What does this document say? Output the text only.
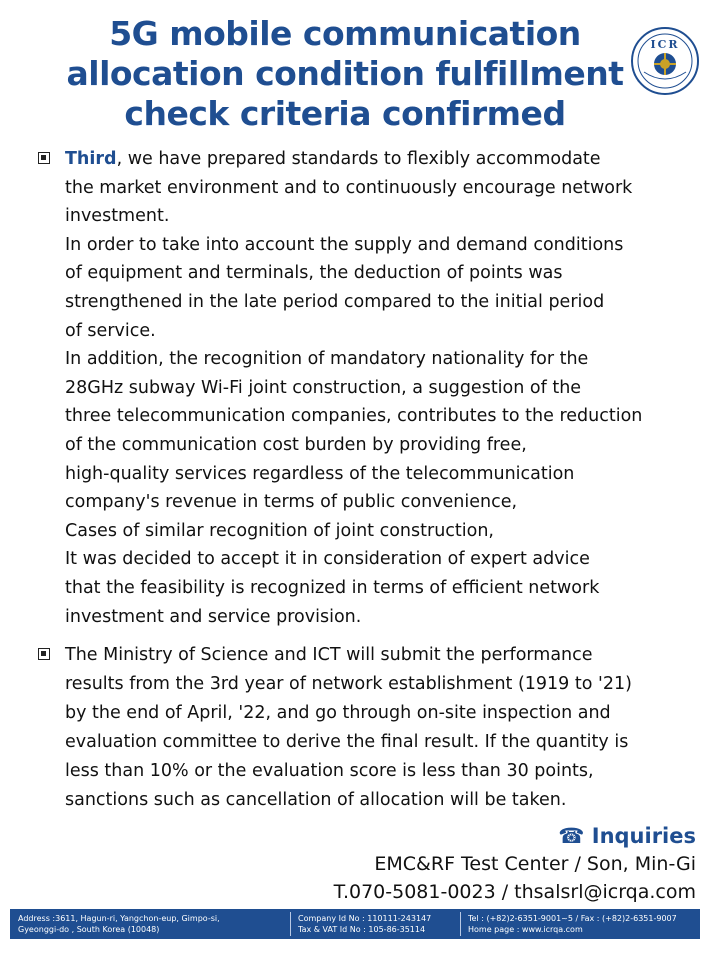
5G mobile communication
allocation condition fulfillment
check criteria confirmed
ICR
Third, we have prepared standards to flexibly accommodate
the market environment and to continuously encourage network
investment.
In order to take into account the supply and demand conditions
of equipment and terminals, the deduction of points was
strengthened in the late period compared to the initial period
of service.
In addition, the recognition of mandatory nationality for the
28GHz subway Wi-Fi joint construction, a suggestion of the
three telecommunication companies, contributes to the reduction
of the communication cost burden by providing free,
high-quality services regardless of the telecommunication
company's revenue in terms of public convenience,
Cases of similar recognition of joint construction,
It was decided to accept it in consideration of expert advice
that the feasibility is recognized in terms of efficient network
investment and service provision.
The Ministry of Science and ICT will submit the performance
results from the 3rd year of network establishment (1919 to '21)
by the end of April, '22, and go through on-site inspection and
evaluation committee to derive the final result. If the quantity is
less than 10% or the evaluation score is less than 30 points,
sanctions such as cancellation of allocation will be taken.
☎ Inquiries
EMC&RF Test Center / Son, Min-Gi
T.070-5081-0023 / thsalsrl@icrqa.com
Address :3611, Hagun-ri, Yangchon-eup, Gimpo-si,
Gyeonggi-do , South Korea (10048)
Company Id No : 110111-243147
Tax & VAT Id No : 105-86-35114
Tel : (+82)2-6351-9001~5 / Fax : (+82)2-6351-9007
Home page : www.icrqa.com
